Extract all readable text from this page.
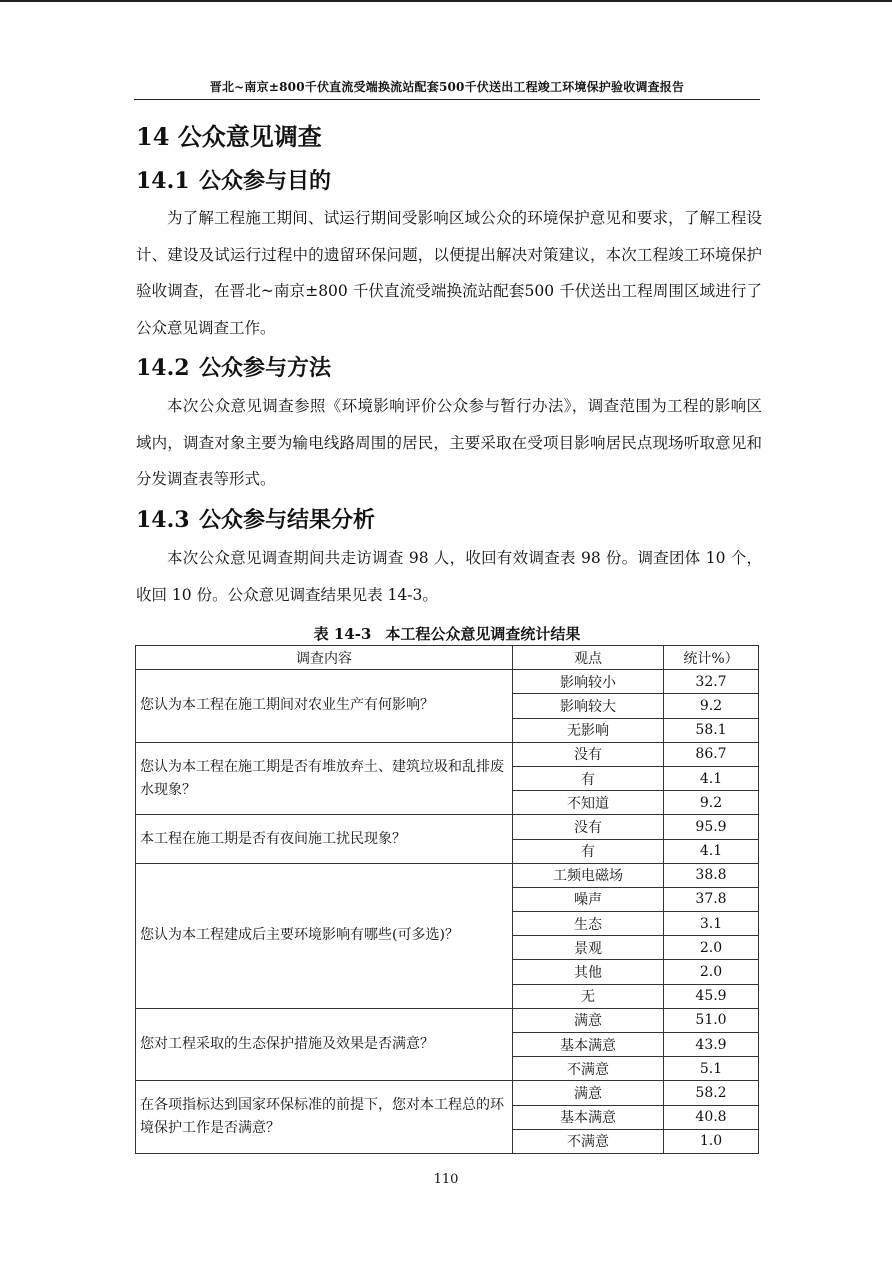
晋北~南京±800千伏直流受端换流站配套500千伏送出工程竣工环境保护验收调查报告
14 公众意见调查
14.1 公众参与目的
为了解工程施工期间、试运行期间受影响区域公众的环境保护意见和要求，了解工程设计、建设及试运行过程中的遗留环保问题，以便提出解决对策建议，本次工程竣工环境保护验收调查，在晋北~南京±800 千伏直流受端换流站配套500 千伏送出工程周围区域进行了公众意见调查工作。
14.2 公众参与方法
本次公众意见调查参照《环境影响评价公众参与暂行办法》，调查范围为工程的影响区域内，调查对象主要为输电线路周围的居民，主要采取在受项目影响居民点现场听取意见和分发调查表等形式。
14.3 公众参与结果分析
本次公众意见调查期间共走访调查 98 人，收回有效调查表 98 份。调查团体 10 个，收回 10 份。公众意见调查结果见表 14-3。
表 14-3 本工程公众意见调查统计结果
调查内容	观点	统计%）
您认为本工程在施工期间对农业生产有何影响？	影响较小	32.7
	影响较大	9.2
	无影响	58.1
您认为本工程在施工期是否有堆放弃土、建筑垃圾和乱排废水现象？	没有	86.7
	有	4.1
	不知道	9.2
本工程在施工期是否有夜间施工扰民现象？	没有	95.9
	有	4.1
您认为本工程建成后主要环境影响有哪些(可多选)？	工频电磁场	38.8
	噪声	37.8
	生态	3.1
	景观	2.0
	其他	2.0
	无	45.9
您对工程采取的生态保护措施及效果是否满意？	满意	51.0
	基本满意	43.9
	不满意	5.1
在各项指标达到国家环保标准的前提下，您对本工程总的环境保护工作是否满意？	满意	58.2
	基本满意	40.8
	不满意	1.0
110
